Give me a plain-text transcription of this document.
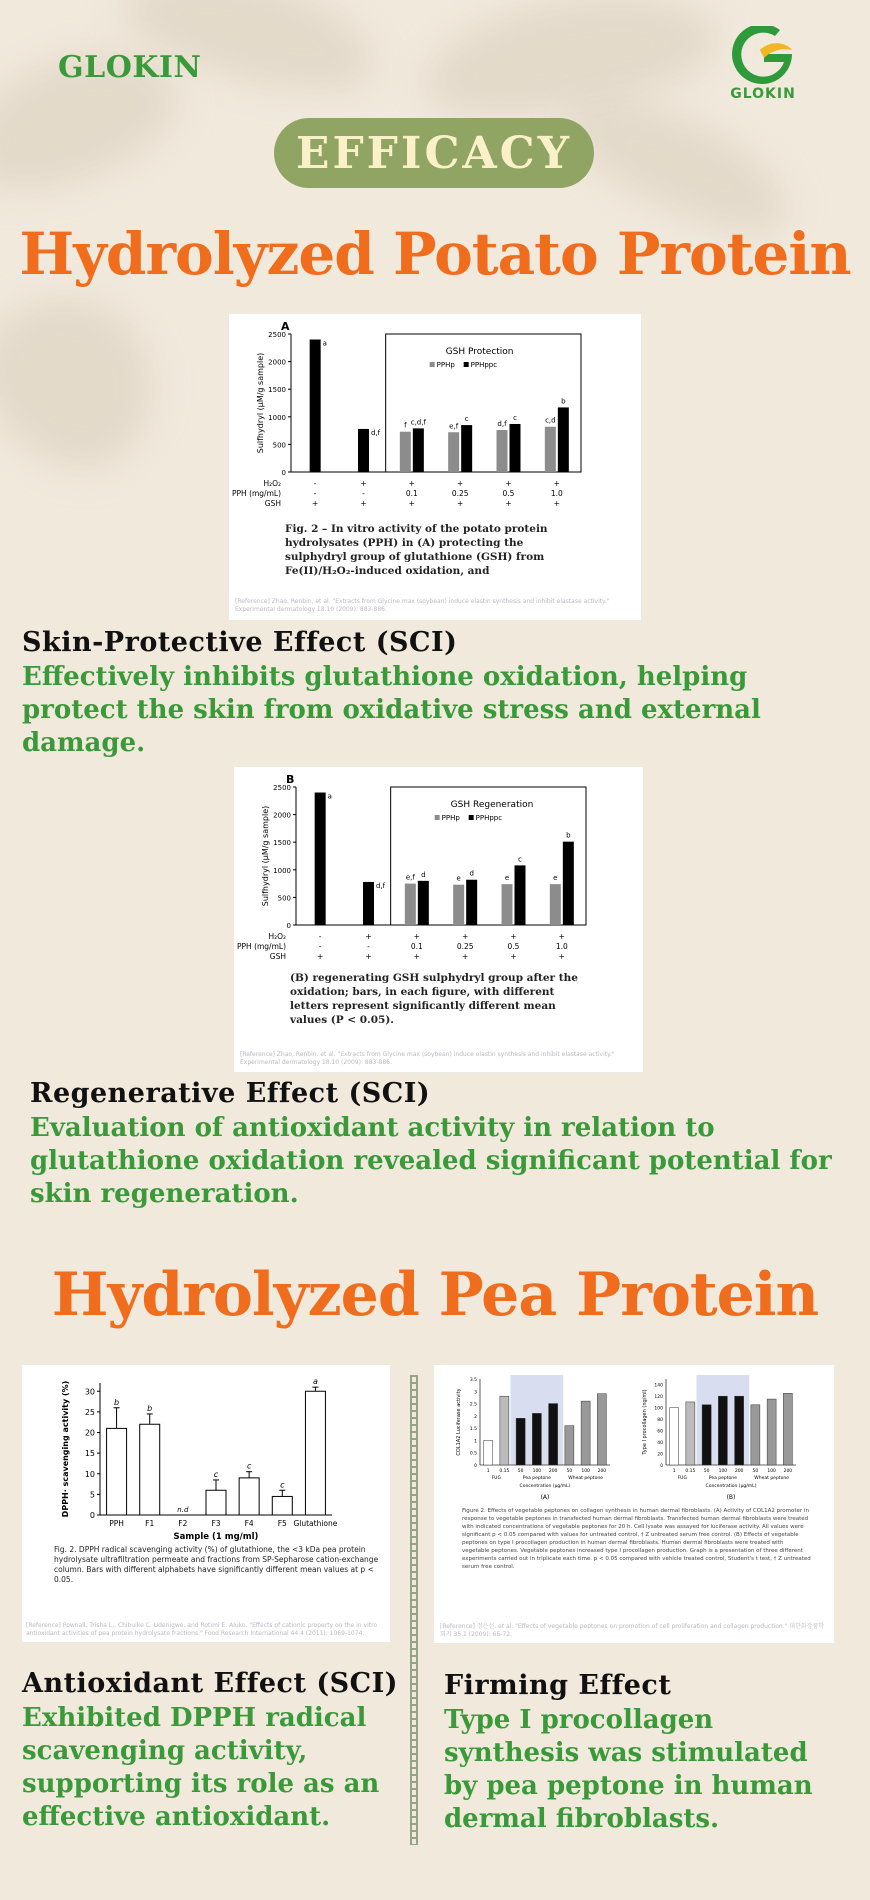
GLOKIN
GLOKIN
EFFICACY
Hydrolyzed Potato Protein
A
0
500
1000
1500
2000
2500
Sulfhydryl (µM/g sample)
GSH Protection
PPHp PPHppc
a
d,f
f c,d,f	e,f
c
d,f
c	c,d
b
H₂O₂	-	+	+	+	+	+
PPH (mg/mL)	-	-	0.1	0.25	0.5	1.0
GSH	+	+	+	+	+	+
Fig. 2 – In vitro activity of the potato protein hydrolysates (PPH) in (A) protecting the sulphydryl group of glutathione (GSH) from Fe(II)/H₂O₂-induced oxidation, and
[Reference] Zhao, Renbin, et al. "Extracts from Glycine max (soybean) induce elastin synthesis and inhibit elastase activity." Experimental dermatology 18.10 (2009): 883-886.
Skin-Protective Effect (SCI)
Effectively inhibits glutathione oxidation, helping protect the skin from oxidative stress and external damage.
B
0
500
1000
1500
2000
2500
Sulfhydryl (µM/g sample)
GSH Regeneration
PPHp PPHppc
a
d,f
e,f d	e
d
e
c
e
b
H₂O₂	-	+	+	+	+	+
PPH (mg/mL)	-	-	0.1	0.25	0.5	1.0
GSH	+	+	+	+	+	+
(B) regenerating GSH sulphydryl group after the oxidation; bars, in each figure, with different letters represent significantly different mean values (P < 0.05).
[Reference] Zhao, Renbin, et al. "Extracts from Glycine max (soybean) induce elastin synthesis and inhibit elastase activity." Experimental dermatology 18.10 (2009): 883-886.
Regenerative Effect (SCI)
Evaluation of antioxidant activity in relation to glutathione oxidation revealed significant potential for skin regeneration.
Hydrolyzed Pea Protein
0
5
10
15
20
25
30
DPPH· scavenging activity (%)
Sample (1 mg/ml)
PPH
b
F1
b
F2
n.d
F3
c
F4
c
F5
c
Glutathione
a
Fig. 2. DPPH radical scavenging activity (%) of glutathione, the <3 kDa pea protein hydrolysate ultrafiltration permeate and fractions from SP-Sepharose cation-exchange column. Bars with different alphabets have significantly different mean values at p < 0.05.
[Reference] Pownall, Trisha L., Chibuike C. Udenigwe, and Rotimi E. Aluko. "Effects of cationic property on the in vitro antioxidant activities of pea protein hydrolysate fractions." Food Research International 44.4 (2011): 1069-1074.
0
0.5
1
1.5
2
2.5
3
3.5
COL1A2 Luciferase activity
1 0.15 50 100 200 50 100 200
FUG	Pea peptone	Wheat peptone
Concentration (μg/mL)
(A)
0
20
40
60
80
100
120
140
Type I procollagen (ng/ml)
1 0.15 50 100 200 50 100 200
FUG	Pea peptone	Wheat peptone
Concentration (μg/mL)
(B)
Figure 2. Effects of vegetable peptones on collagen synthesis in human dermal fibroblasts. (A) Activity of COL1A2 promoter in response to vegetable peptones in transfected human dermal fibroblasts. Transfected human dermal fibroblasts were treated with indicated concentrations of vegetable peptones for 20 h. Cell lysate was assayed for luciferase activity. All values were significant p < 0.05 compared with values for untreated control, † Z untreated serum free control. (B) Effects of vegetable peptones on type I procollagen production in human dermal fibroblasts. Human dermal fibroblasts were treated with vegetable peptones. Vegetable peptones increased type I procollagen production. Graph is a presentation of three different experiments carried out in triplicate each time. p < 0.05 compared with vehicle treated control, Student's t test, † Z untreated serum free control.
[Reference] 정은선, et al. "Effects of vegetable peptones on promotion of cell proliferation and collagen production." 대한화장품학회지 35.1 (2009): 65-72.
Antioxidant Effect (SCI)
Exhibited DPPH radical scavenging activity, supporting its role as an effective antioxidant.
Firming Effect
Type I procollagen synthesis was stimulated by pea peptone in human dermal fibroblasts.
